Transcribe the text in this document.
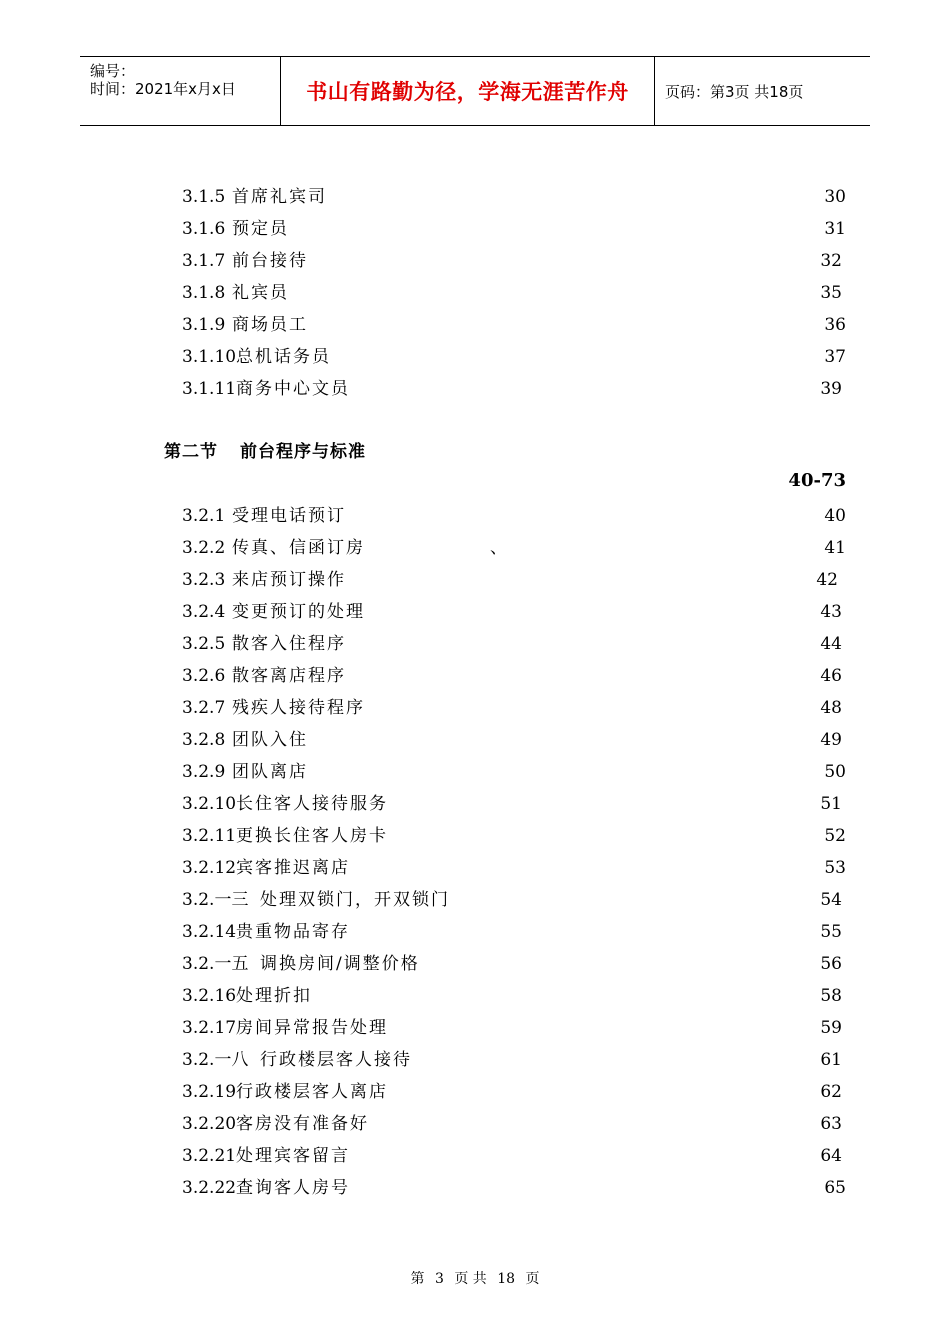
编号：
时间：2021年x月x日	书山有路勤为径，学海无涯苦作舟 页码：第3页 共18页
3.1.5 首席礼宾司	30
3.1.6 预定员	31
3.1.7 前台接待	32
3.1.8 礼宾员	35
3.1.9 商场员工	36
3.1.10 总机话务员	37
3.1.11 商务中心文员	39
3.2.1 受理电话预订	40
3.2.2 传真、信函订房	、	41
3.2.3 来店预订操作	42
3.2.4 变更预订的处理	43
3.2.5 散客入住程序	44
3.2.6 散客离店程序	46
3.2.7 残疾人接待程序	48
3.2.8 团队入住	49
3.2.9 团队离店	50
3.2.10 长住客人接待服务	51
3.2.11 更换长住客人房卡	52
3.2.12 宾客推迟离店	53
3.2.一三 处理双锁门，开双锁门	54
3.2.14 贵重物品寄存	55
3.2.一五 调换房间/调整价格	56
3.2.16 处理折扣	58
3.2.17 房间异常报告处理	59
3.2.一八 行政楼层客人接待	61
3.2.19 行政楼层客人离店	62
3.2.20 客房没有准备好	63
3.2.21 处理宾客留言	64
3.2.22 查询客人房号	65
第二节 前台程序与标准
40-73
第 3 页 共 18 页
